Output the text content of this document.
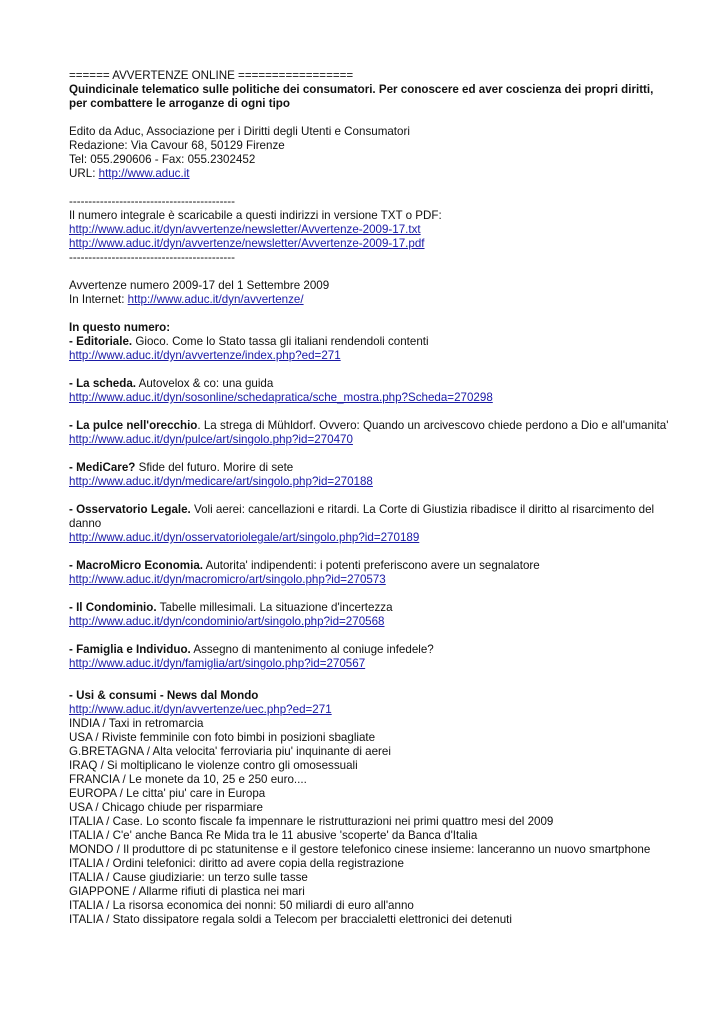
====== AVVERTENZE ONLINE =================
Quindicinale telematico sulle politiche dei consumatori. Per conoscere ed aver coscienza dei propri diritti, per combattere le arroganze di ogni tipo
Edito da Aduc, Associazione per i Diritti degli Utenti e Consumatori
Redazione: Via Cavour 68, 50129 Firenze
Tel: 055.290606 - Fax: 055.2302452
URL: http://www.aduc.it
-------------------------------------------
Il numero integrale è scaricabile a questi indirizzi in versione TXT o PDF:
http://www.aduc.it/dyn/avvertenze/newsletter/Avvertenze-2009-17.txt
http://www.aduc.it/dyn/avvertenze/newsletter/Avvertenze-2009-17.pdf
-------------------------------------------
Avvertenze numero 2009-17 del 1 Settembre 2009
In Internet: http://www.aduc.it/dyn/avvertenze/
In questo numero:
- Editoriale. Gioco. Come lo Stato tassa gli italiani rendendoli contenti
http://www.aduc.it/dyn/avvertenze/index.php?ed=271
- La scheda. Autovelox & co: una guida
http://www.aduc.it/dyn/sosonline/schedapratica/sche_mostra.php?Scheda=270298
- La pulce nell'orecchio. La strega di Mühldorf. Ovvero: Quando un arcivescovo chiede perdono a Dio e all'umanita'
http://www.aduc.it/dyn/pulce/art/singolo.php?id=270470
- MediCare? Sfide del futuro. Morire di sete
http://www.aduc.it/dyn/medicare/art/singolo.php?id=270188
- Osservatorio Legale. Voli aerei: cancellazioni e ritardi. La Corte di Giustizia ribadisce il diritto al risarcimento del danno
http://www.aduc.it/dyn/osservatoriolegale/art/singolo.php?id=270189
- MacroMicro Economia. Autorita' indipendenti: i potenti preferiscono avere un segnalatore
http://www.aduc.it/dyn/macromicro/art/singolo.php?id=270573
- Il Condominio. Tabelle millesimali. La situazione d'incertezza
http://www.aduc.it/dyn/condominio/art/singolo.php?id=270568
- Famiglia e Individuo. Assegno di mantenimento al coniuge infedele?
http://www.aduc.it/dyn/famiglia/art/singolo.php?id=270567
- Usi & consumi - News dal Mondo
http://www.aduc.it/dyn/avvertenze/uec.php?ed=271
INDIA / Taxi in retromarcia
USA / Riviste femminile con foto bimbi in posizioni sbagliate
G.BRETAGNA / Alta velocita' ferroviaria piu' inquinante di aerei
IRAQ / Si moltiplicano le violenze contro gli omosessuali
FRANCIA / Le monete da 10, 25 e 250 euro....
EUROPA / Le citta' piu' care in Europa
USA / Chicago chiude per risparmiare
ITALIA / Case. Lo sconto fiscale fa impennare le ristrutturazioni nei primi quattro mesi del 2009
ITALIA / C'e' anche Banca Re Mida tra le 11 abusive 'scoperte' da Banca d'Italia
MONDO / Il produttore di pc statunitense e il gestore telefonico cinese insieme: lanceranno un nuovo smartphone
ITALIA / Ordini telefonici: diritto ad avere copia della registrazione
ITALIA / Cause giudiziarie: un terzo sulle tasse
GIAPPONE / Allarme rifiuti di plastica nei mari
ITALIA / La risorsa economica dei nonni: 50 miliardi di euro all'anno
ITALIA / Stato dissipatore regala soldi a Telecom per braccialetti elettronici dei detenuti
